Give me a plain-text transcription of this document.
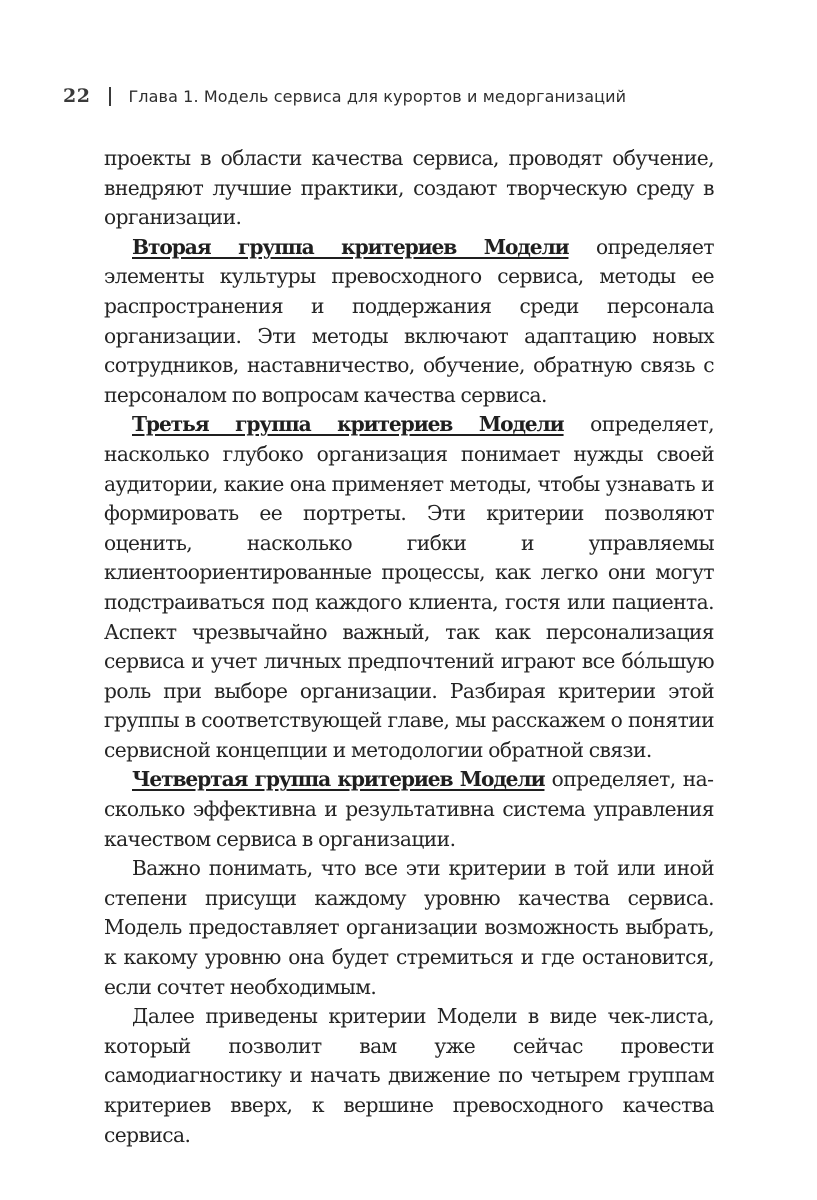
22 Глава 1. Модель сервиса для курортов и медорганизаций

проекты в области качества сервиса, проводят обучение, внедряют лучшие практики, создают творческую среду в организации.

Вторая группа критериев Модели определяет элементы культуры превосходного сервиса, методы ее распространения и поддержания среди персонала организации. Эти методы включают адаптацию новых сотрудников, наставничество, обучение, обратную связь с персоналом по вопросам качества сервиса.

Третья группа критериев Модели определяет, насколько глубоко организация понимает нужды своей аудитории, какие она применяет методы, чтобы узнавать и формировать ее портреты. Эти критерии позволяют оценить, насколько гибки и управляемы клиентоориентированные процессы, как легко они могут подстраиваться под каждого клиента, гостя или пациента. Аспект чрезвычайно важный, так как персонализация сервиса и учет личных предпочтений играют все бóльшую роль при выборе организации. Разбирая критерии этой группы в соответствующей главе, мы расскажем о понятии сервисной концепции и методологии обратной связи.

Четвертая группа критериев Модели определяет, насколько эффективна и результативна система управления качеством сервиса в организации.

Важно понимать, что все эти критерии в той или иной степени присущи каждому уровню качества сервиса. Модель предоставляет организации возможность выбрать, к какому уровню она будет стремиться и где остановится, если сочтет необходимым.

Далее приведены критерии Модели в виде чек-листа, который позволит вам уже сейчас провести самодиагностику и начать движение по четырем группам критериев вверх, к вершине превосходного качества сервиса.
